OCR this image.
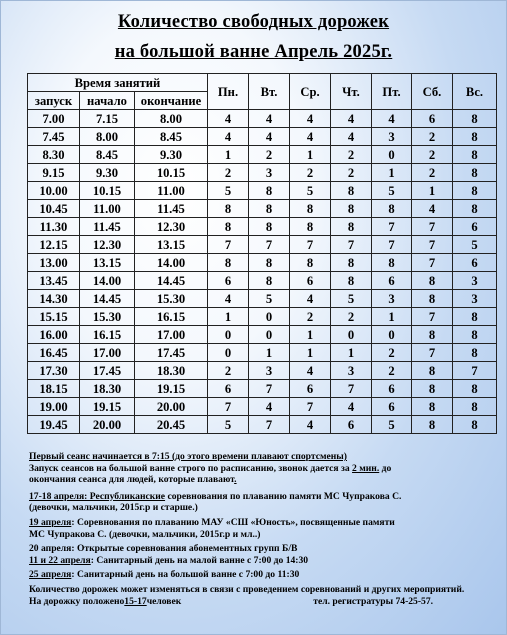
Количество свободных дорожек
на большой ванне Апрель 2025г.
Время занятий			Пн.	Вт.	Ср.	Чт.	Пт.	Сб.	Вс.
запуск	начало	окончание							
7.00	7.15	8.00	4	4	4	4	4	6	8
7.45	8.00	8.45	4	4	4	4	3	2	8
8.30	8.45	9.30	1	2	1	2	0	2	8
9.15	9.30	10.15	2	3	2	2	1	2	8
10.00	10.15	11.00	5	8	5	8	5	1	8
10.45	11.00	11.45	8	8	8	8	8	4	8
11.30	11.45	12.30	8	8	8	8	7	7	6
12.15	12.30	13.15	7	7	7	7	7	7	5
13.00	13.15	14.00	8	8	8	8	8	7	6
13.45	14.00	14.45	6	8	6	8	6	8	3
14.30	14.45	15.30	4	5	4	5	3	8	3
15.15	15.30	16.15	1	0	2	2	1	7	8
16.00	16.15	17.00	0	0	1	0	0	8	8
16.45	17.00	17.45	0	1	1	1	2	7	8
17.30	17.45	18.30	2	3	4	3	2	8	7
18.15	18.30	19.15	6	7	6	7	6	8	8
19.00	19.15	20.00	7	4	7	4	6	8	8
19.45	20.00	20.45	5	7	4	6	5	8	8
Первый сеанс начинается в 7:15 (до этого времени плавают спортсмены)
Запуск сеансов на большой ванне строго по расписанию, звонок дается за 2 мин. до
окончания сеанса для людей, которые плавают.
17-18 апреля: Республиканские соревнования по плаванию памяти МС Чупракова С.
(девочки, мальчики, 2015г.р и старше.)
19 апреля: Соревнования по плаванию МАУ «СШ «Юность», посвященные памяти
МС Чупракова С. (девочки, мальчики, 2015г.р и мл..)
20 апреля: Открытые соревнования абонементных групп Б/В
11 и 22 апреля: Санитарный день на малой ванне с 7:00 до 14:30
25 апреля: Санитарный день на большой ванне с 7:00 до 11:30
Количество дорожек может изменяться в связи с проведением соревнований и других мероприятий.
На дорожку положено 15-17 человек	тел. регистратуры 74-25-57.
